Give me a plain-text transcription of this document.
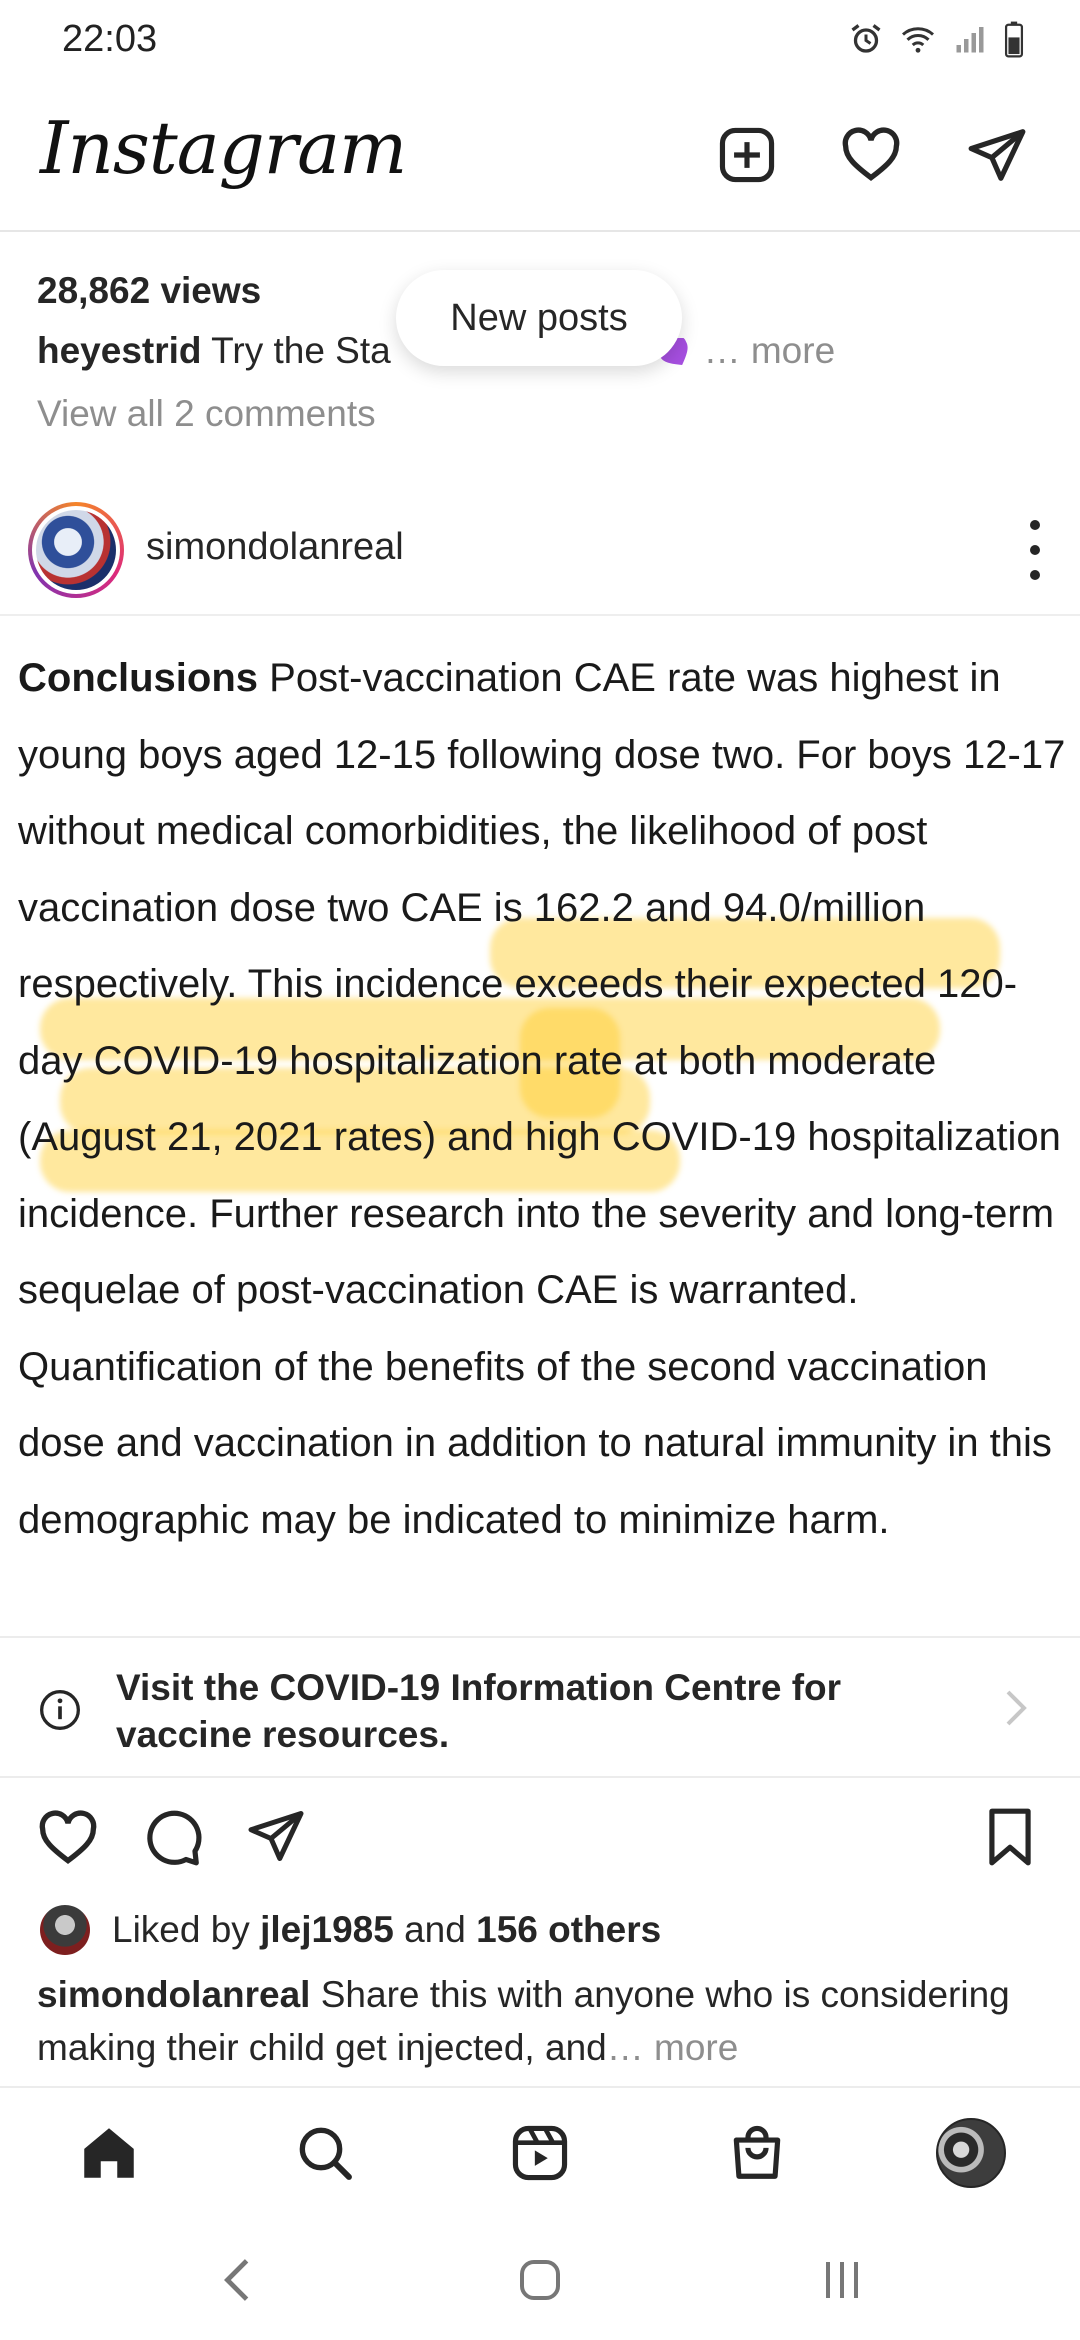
22:03
Instagram
28,862 views
heyestrid Try the Sta	… more
View all 2 comments
New posts
simondolanreal
Conclusions Post-vaccination CAE rate was highest in young boys aged 12-15 following dose two. For boys 12-17 without medical comorbidities, the likelihood of post vaccination dose two CAE is 162.2 and 94.0/million respectively. This incidence exceeds their expected 120-day COVID-19 hospitalization rate at both moderate (August 21, 2021 rates) and high COVID-19 hospitalization incidence. Further research into the severity and long-term sequelae of post-vaccination CAE is warranted. Quantification of the benefits of the second vaccination dose and vaccination in addition to natural immunity in this demographic may be indicated to minimize harm.
Visit the COVID-19 Information Centre for vaccine resources.
Liked by
jlej1985
and
156 others
simondolanreal Share this with anyone who is considering making their child get injected, and… more
